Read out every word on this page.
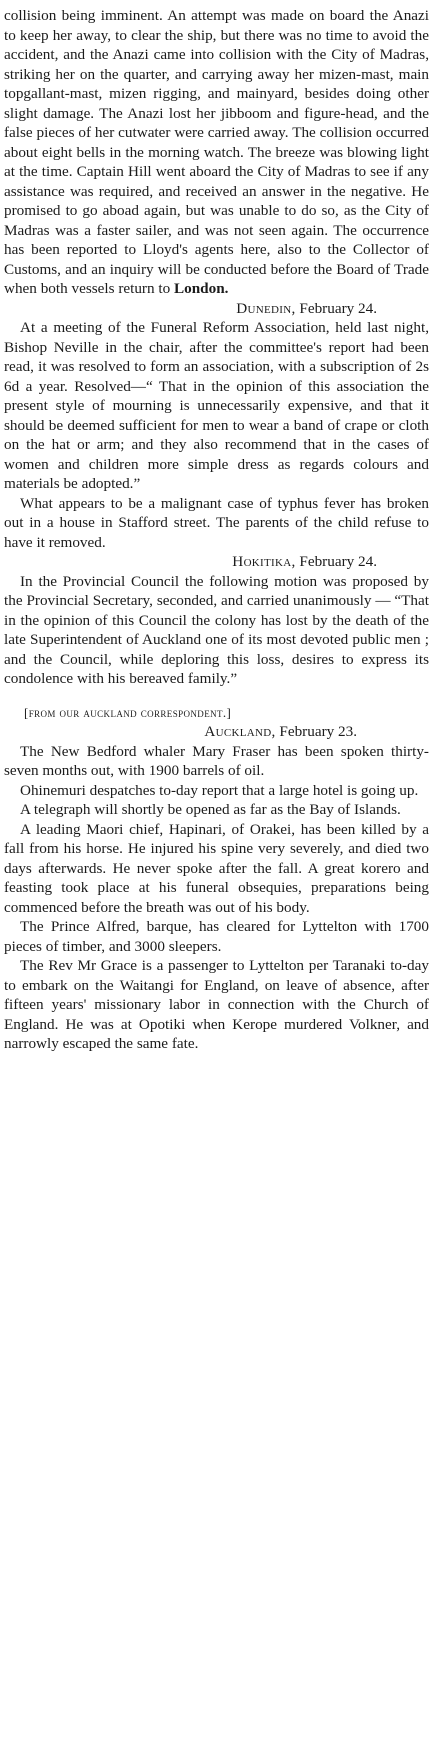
collision being imminent. An attempt was made on board the Anazi to keep her away, to clear the ship, but there was no time to avoid the accident, and the Anazi came into collision with the City of Madras, striking her on the quarter, and carrying away her mizen-mast, main topgallant-mast, mizen rigging, and mainyard, besides doing other slight damage. The Anazi lost her jibboom and figure-head, and the false pieces of her cutwater were carried away. The collision occurred about eight bells in the morning watch. The breeze was blowing light at the time. Captain Hill went aboard the City of Madras to see if any assistance was required, and received an answer in the negative. He promised to go aboad again, but was unable to do so, as the City of Madras was a faster sailer, and was not seen again. The occurrence has been reported to Lloyd's agents here, also to the Collector of Customs, and an inquiry will be conducted before the Board of Trade when both vessels return to London.

Dunedin, February 24.

At a meeting of the Funeral Reform Association, held last night, Bishop Neville in the chair, after the committee's report had been read, it was resolved to form an association, with a subscription of 2s 6d a year. Resolved—“ That in the opinion of this association the present style of mourning is unnecessarily expensive, and that it should be deemed sufficient for men to wear a band of crape or cloth on the hat or arm; and they also recommend that in the cases of women and children more simple dress as regards colours and materials be adopted.”

What appears to be a malignant case of typhus fever has broken out in a house in Stafford street. The parents of the child refuse to have it removed.

Hokitika, February 24.

In the Provincial Council the following motion was proposed by the Provincial Secretary, seconded, and carried unanimously — “That in the opinion of this Council the colony has lost by the death of the late Superintendent of Auckland one of its most devoted public men ; and the Council, while deploring this loss, desires to express its condolence with his bereaved family.”

[from our auckland correspondent.]

Auckland, February 23.

The New Bedford whaler Mary Fraser has been spoken thirty-seven months out, with 1900 barrels of oil.

Ohinemuri despatches to-day report that a large hotel is going up.

A telegraph will shortly be opened as far as the Bay of Islands.

A leading Maori chief, Hapinari, of Orakei, has been killed by a fall from his horse. He injured his spine very severely, and died two days afterwards. He never spoke after the fall. A great korero and feasting took place at his funeral obsequies, preparations being commenced before the breath was out of his body.

The Prince Alfred, barque, has cleared for Lyttelton with 1700 pieces of timber, and 3000 sleepers.

The Rev Mr Grace is a passenger to Lyttelton per Taranaki to-day to embark on the Waitangi for England, on leave of absence, after fifteen years' missionary labor in connection with the Church of England. He was at Opotiki when Kerope murdered Volkner, and narrowly escaped the same fate.
